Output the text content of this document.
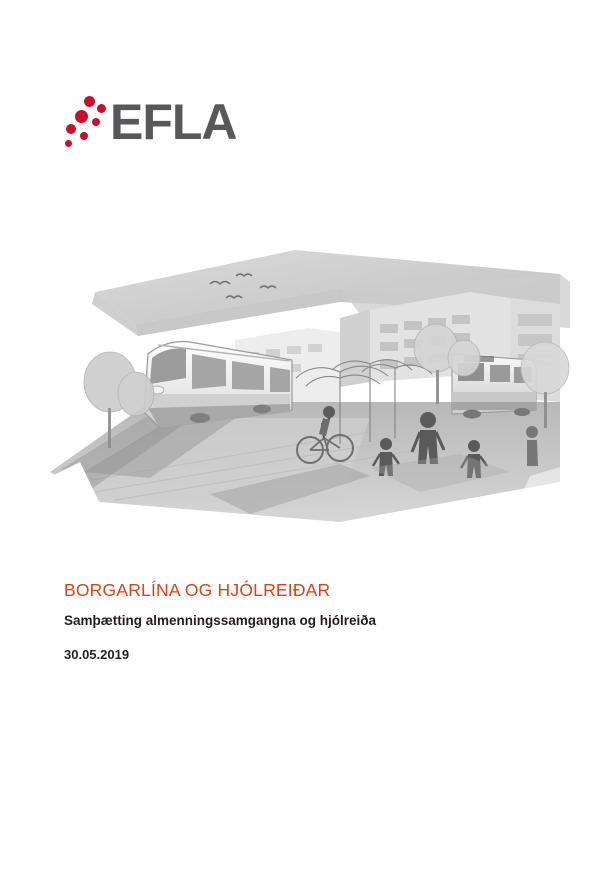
EFLA
BORGARLÍNA OG HJÓLREIÐAR
Samþætting almenningssamgangna og hjólreiða

30.05.2019
